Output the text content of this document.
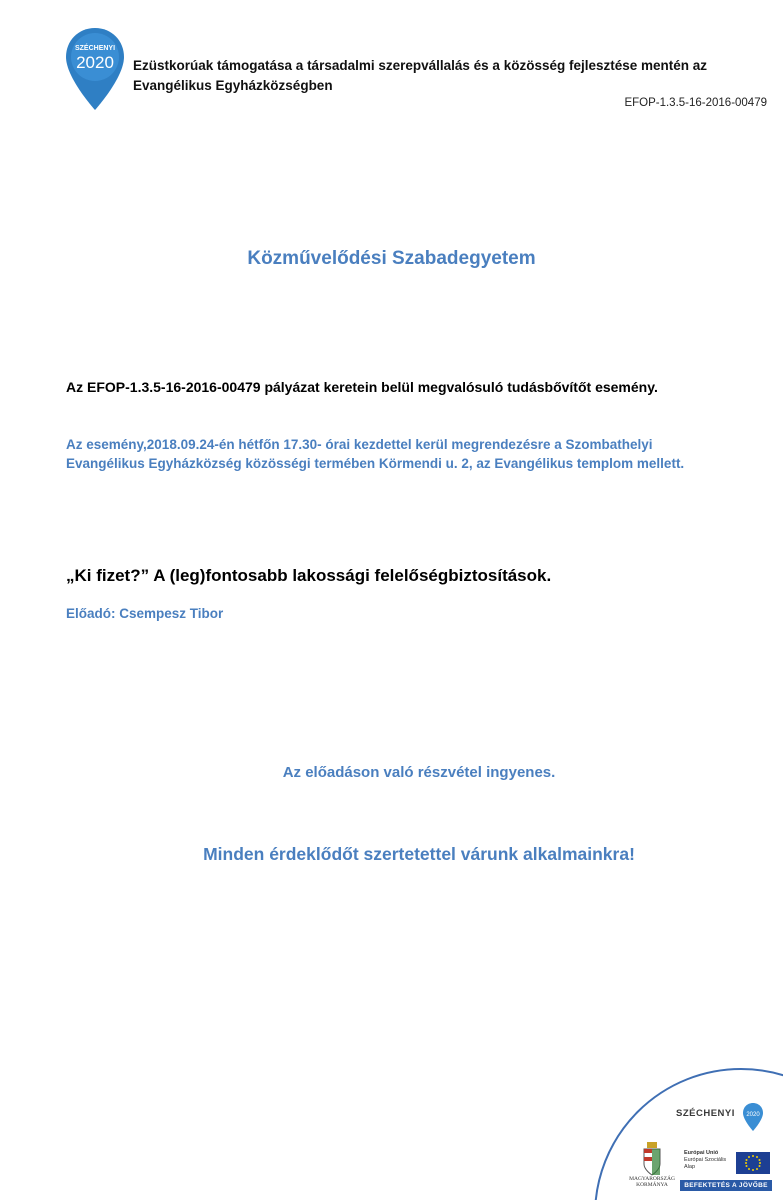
SZÉCHENYI
2020 Ezüstkorúak támogatása a társadalmi szerepvállalás és a közösség fejlesztése mentén az Evangélikus Egyházközségben
EFOP-1.3.5-16-2016-00479
Közművelődési Szabadegyetem
Az EFOP-1.3.5-16-2016-00479 pályázat keretein belül megvalósuló tudásbővítőt esemény.
Az esemény,2018.09.24-én hétfőn 17.30- órai kezdettel kerül megrendezésre a Szombathelyi
Evangélikus Egyházközség közösségi termében Körmendi u. 2, az Evangélikus templom mellett.
„Ki fizet?” A (leg)fontosabb lakossági felelőségbiztosítások.
Előadó: Csempesz Tibor
Az előadáson való részvétel ingyenes.
Minden érdeklődőt szertetettel várunk alkalmainkra!
SZÉCHENYI 2020
MAGYARORSZÁG
KORMÁNYA
Európai Unió
Európai Szociális
Alap
BEFEKTETÉS A JÖVŐBE
